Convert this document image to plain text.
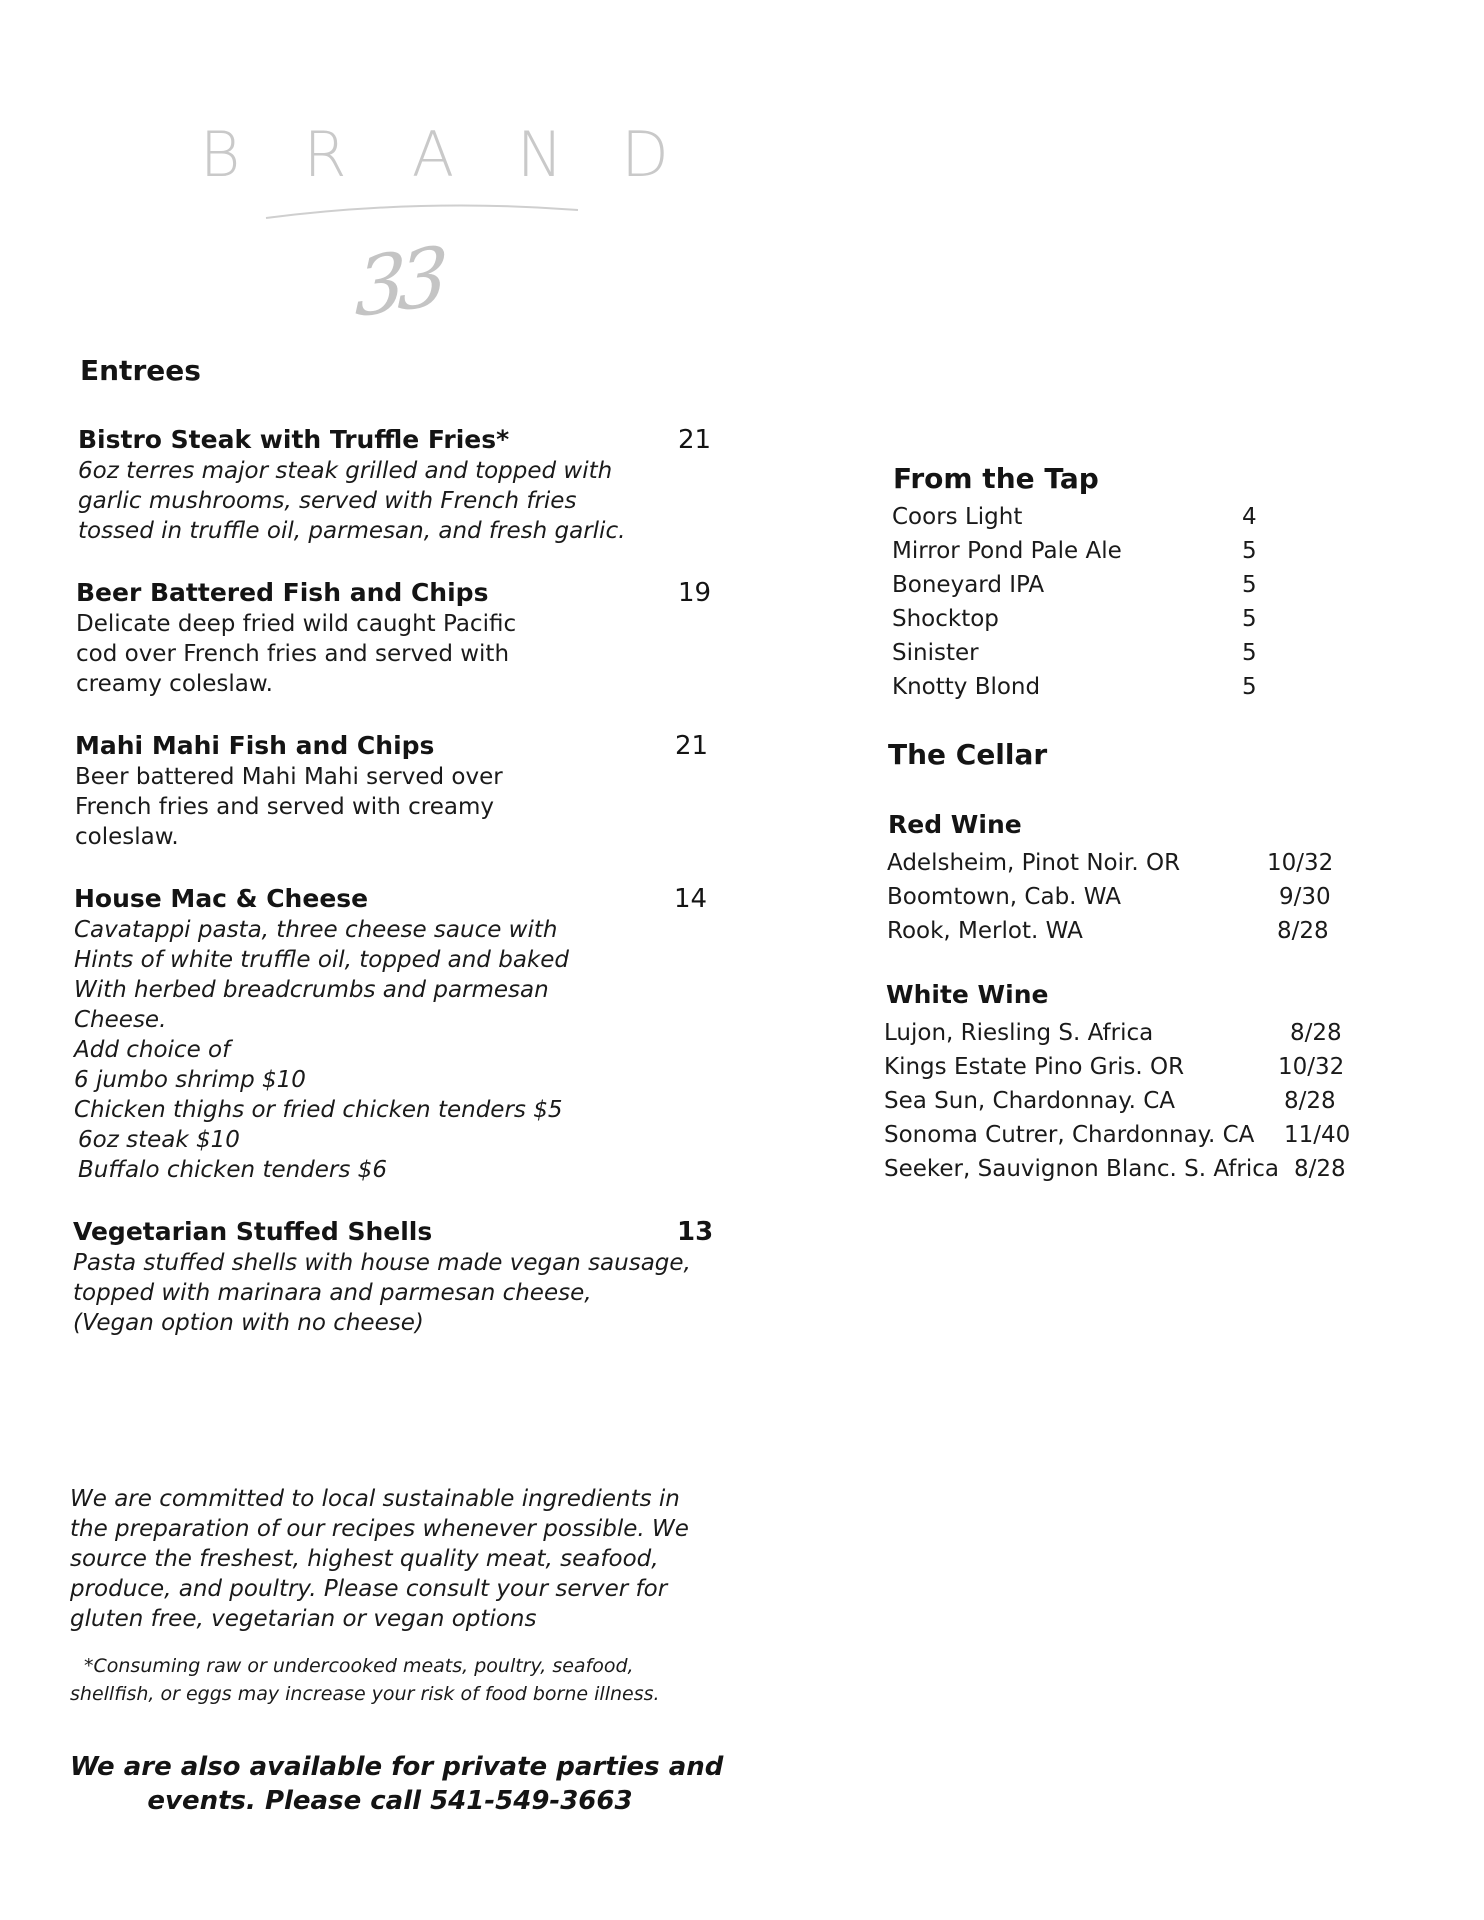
B R A N D
33
Entrees
Bistro Steak with Truffle Fries*	21
6oz terres major steak grilled and topped with
garlic mushrooms, served with French fries
tossed in truffle oil, parmesan, and fresh garlic.
Beer Battered Fish and Chips	19
Delicate deep fried wild caught Pacific
cod over French fries and served with
creamy coleslaw.
Mahi Mahi Fish and Chips	21
Beer battered Mahi Mahi served over
French fries and served with creamy
coleslaw.
House Mac & Cheese	14
Cavatappi pasta, three cheese sauce with
Hints of white truffle oil, topped and baked
With herbed breadcrumbs and parmesan
Cheese.
Add choice of
6 jumbo shrimp $10
Chicken thighs or fried chicken tenders $5
6oz steak $10
Buffalo chicken tenders $6
Vegetarian Stuffed Shells	13
Pasta stuffed shells with house made vegan sausage,
topped with marinara and parmesan cheese,
(Vegan option with no cheese)
From the Tap
Coors Light	4
Mirror Pond Pale Ale	5
Boneyard IPA	5
Shocktop	5
Sinister	5
Knotty Blond	5
The Cellar
Red Wine
Adelsheim, Pinot Noir. OR	10/32
Boomtown, Cab. WA	9/30
Rook, Merlot. WA	8/28
White Wine
Lujon, Riesling S. Africa	8/28
Kings Estate Pino Gris. OR	10/32
Sea Sun, Chardonnay. CA	8/28
Sonoma Cutrer, Chardonnay. CA 11/40
Seeker, Sauvignon Blanc. S. Africa 8/28
We are committed to local sustainable ingredients in
the preparation of our recipes whenever possible. We
source the freshest, highest quality meat, seafood,
produce, and poultry. Please consult your server for
gluten free, vegetarian or vegan options
*Consuming raw or undercooked meats, poultry, seafood,
shellfish, or eggs may increase your risk of food borne illness.
We are also available for private parties and
events. Please call 541-549-3663
